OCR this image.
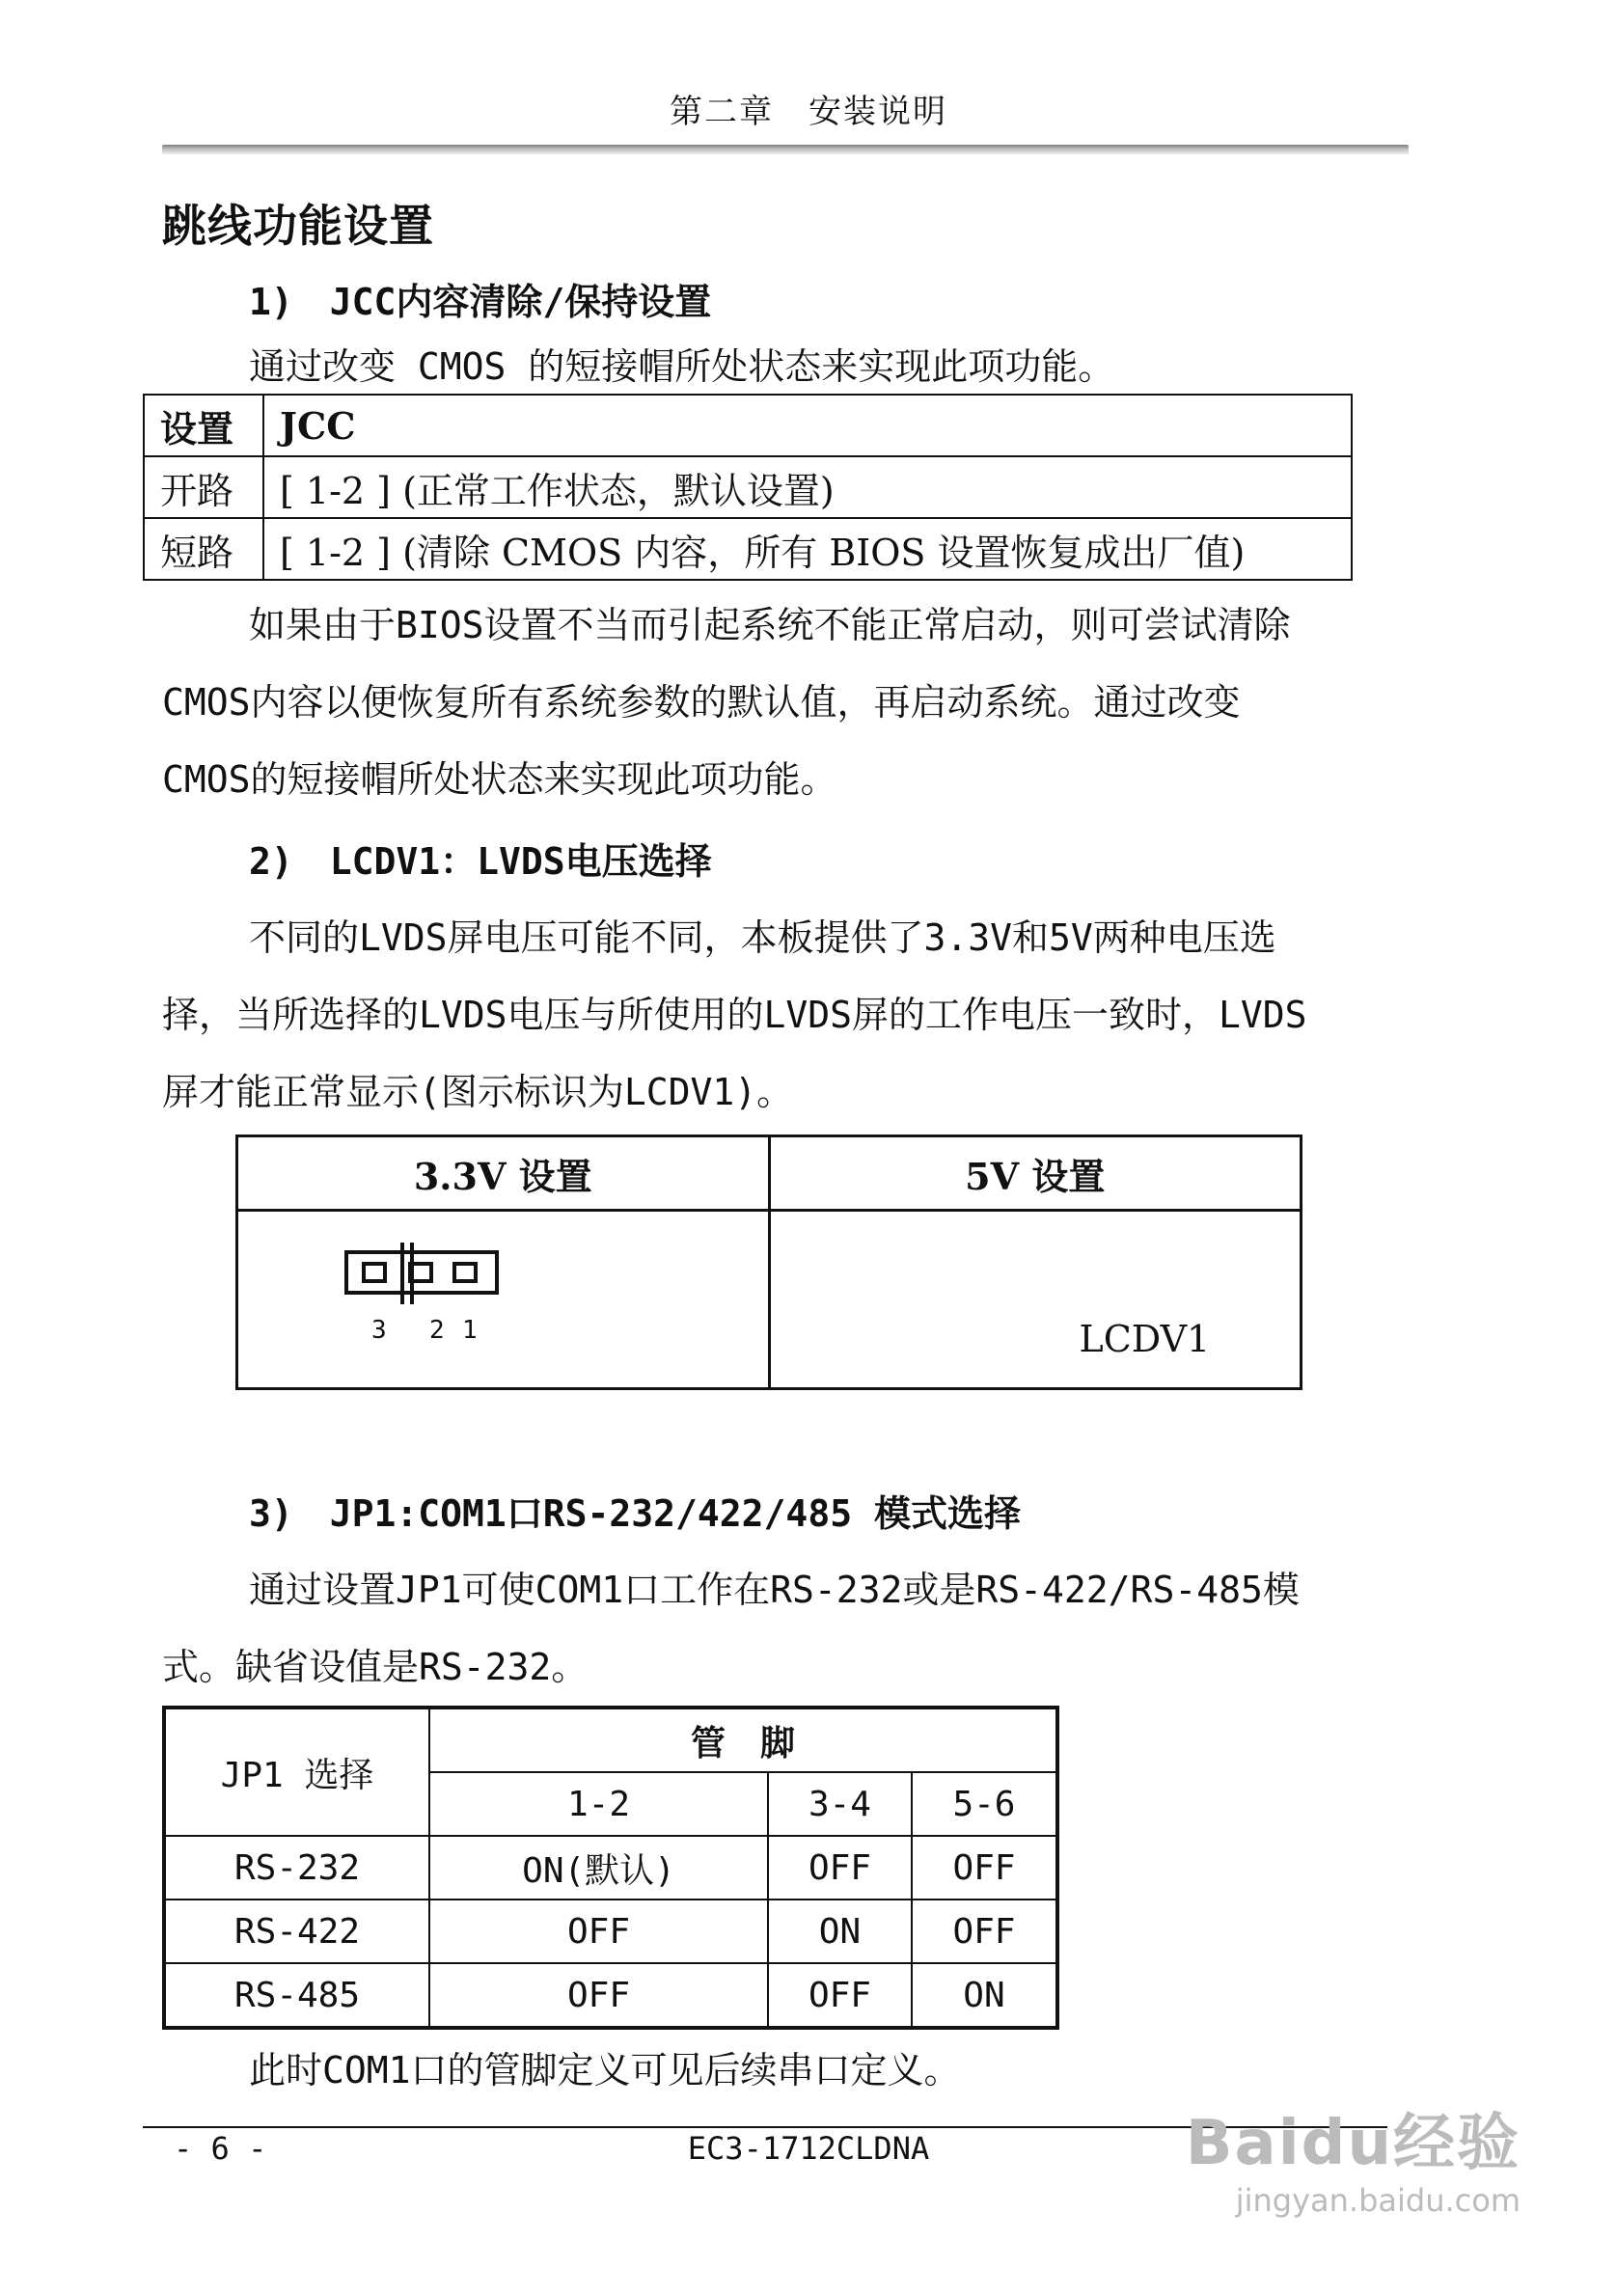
第二章　安装说明
跳线功能设置
1)　JCC内容清除/保持设置
通过改变 CMOS 的短接帽所处状态来实现此项功能。
设置	JCC
开路	[ 1-2 ] (正常工作状态，默认设置)
短路	[ 1-2 ] (清除 CMOS 内容，所有 BIOS 设置恢复成出厂值)
如果由于BIOS设置不当而引起系统不能正常启动，则可尝试清除
CMOS内容以便恢复所有系统参数的默认值，再启动系统。通过改变
CMOS的短接帽所处状态来实现此项功能。
2)　LCDV1：LVDS电压选择
不同的LVDS屏电压可能不同，本板提供了3.3V和5V两种电压选
择，当所选择的LVDS电压与所使用的LVDS屏的工作电压一致时，LVDS
屏才能正常显示(图示标识为LCDV1)。
3.3V 设置	5V 设置

3 2 1	LCDV1
3)　JP1:COM1口RS-232/422/485 模式选择
通过设置JP1可使COM1口工作在RS-232或是RS-422/RS-485模
式。缺省设值是RS-232。
JP1 选择	管　脚		
	1-2	3-4	5-6
RS-232	ON(默认)	OFF	OFF
RS-422	OFF	ON	OFF
RS-485	OFF	OFF	ON
此时COM1口的管脚定义可见后续串口定义。
- 6 -	EC3-1712CLDNA	Baidu经验
jingyan.baidu.com
